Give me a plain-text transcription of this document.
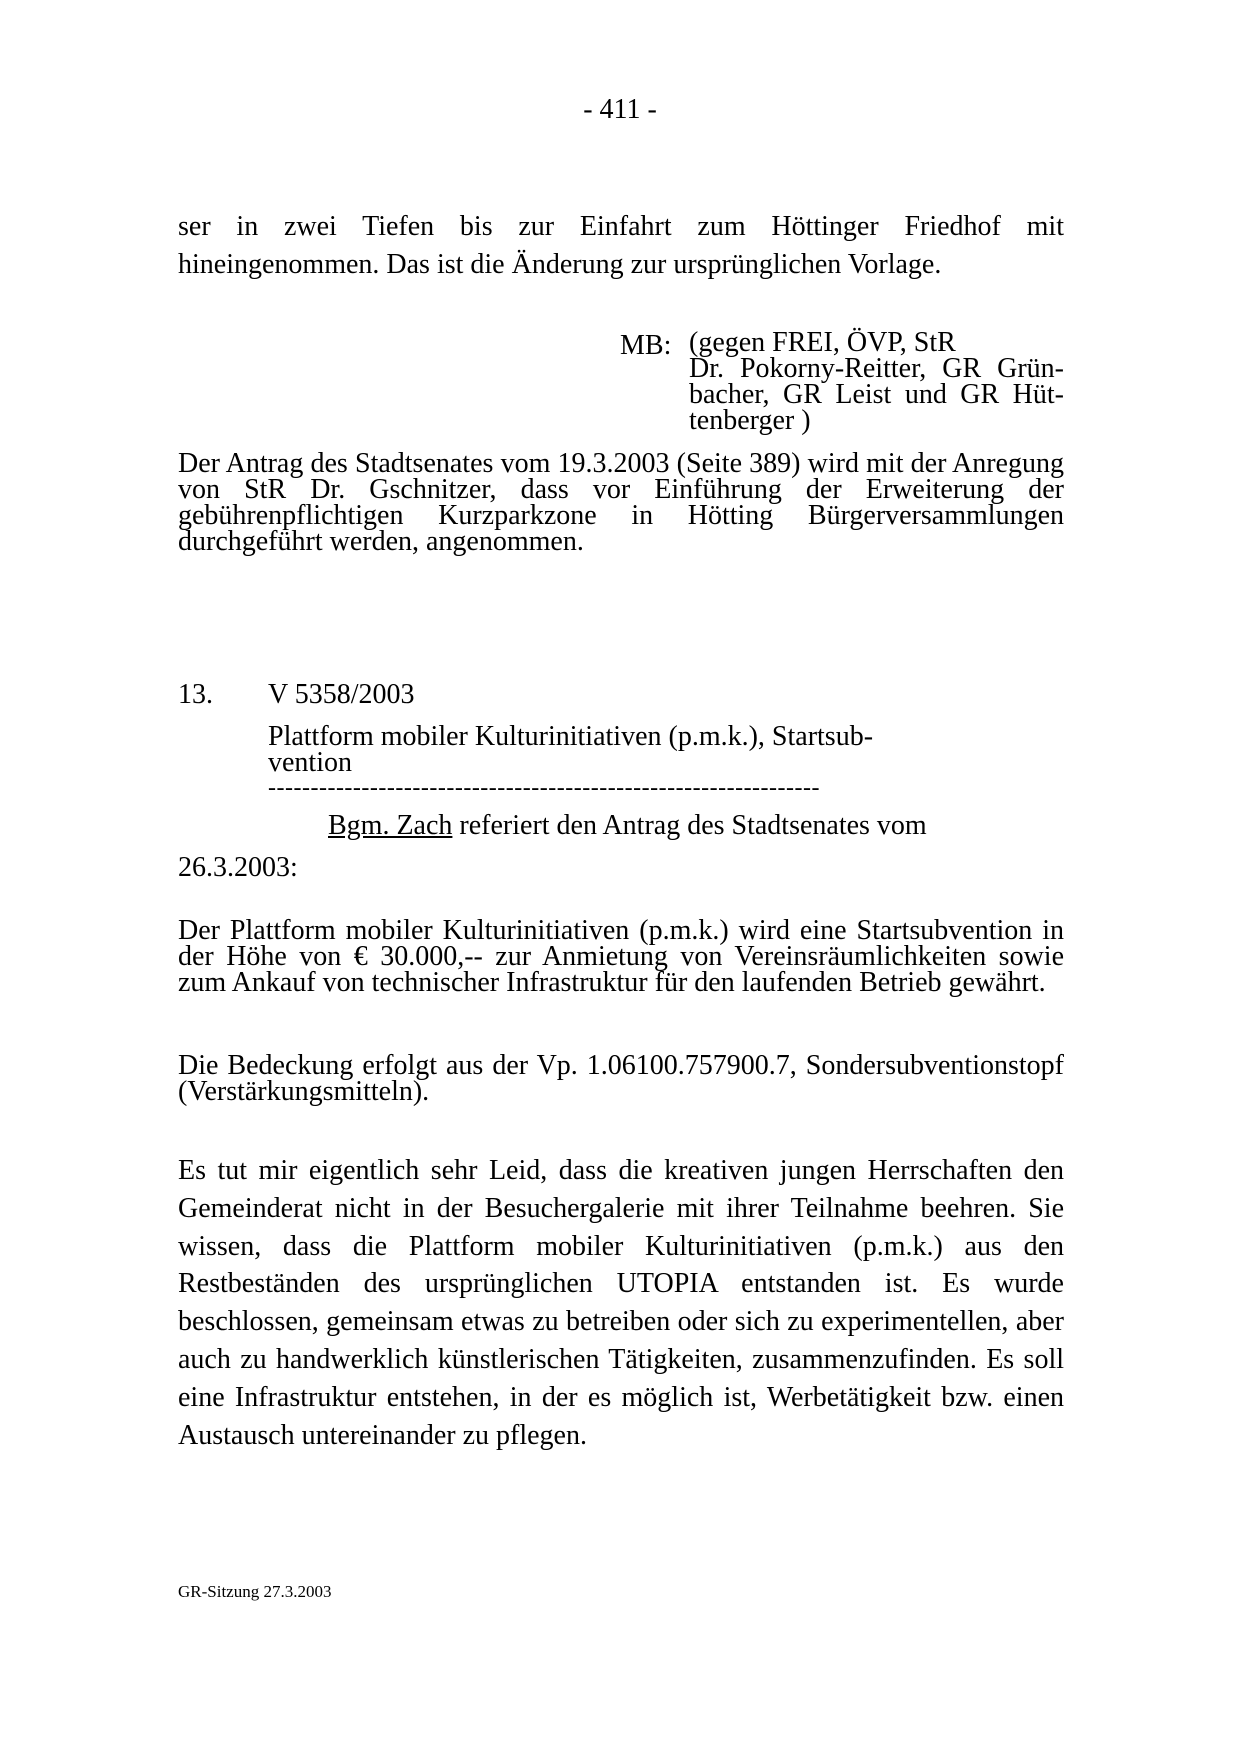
- 411 -
ser in zwei Tiefen bis zur Einfahrt zum Höttinger Friedhof mit hineingenommen. Das ist die Änderung zur ursprünglichen Vorlage.
MB: (gegen FREI, ÖVP, StR
Dr. Pokorny-Reitter, GR Grün-
bacher, GR Leist und GR Hüt-
tenberger )
Der Antrag des Stadtsenates vom 19.3.2003 (Seite 389) wird mit der Anregung von StR Dr. Gschnitzer, dass vor Einführung der Erweiterung der gebührenpflichtigen Kurzparkzone in Hötting Bürgerversammlungen durchgeführt werden, angenommen.
13. V 5358/2003
Plattform mobiler Kulturinitiativen (p.m.k.), Startsub-
vention
-----------------------------------------------------------------
Bgm. Zach referiert den Antrag des Stadtsenates vom
26.3.2003:
Der Plattform mobiler Kulturinitiativen (p.m.k.) wird eine Startsubvention in der Höhe von € 30.000,-- zur Anmietung von Vereinsräumlichkeiten sowie zum Ankauf von technischer Infrastruktur für den laufenden Betrieb gewährt.
Die Bedeckung erfolgt aus der Vp. 1.06100.757900.7, Sondersubventionstopf (Verstärkungsmitteln).
Es tut mir eigentlich sehr Leid, dass die kreativen jungen Herrschaften den Gemeinderat nicht in der Besuchergalerie mit ihrer Teilnahme beehren. Sie wissen, dass die Plattform mobiler Kulturinitiativen (p.m.k.) aus den Restbeständen des ursprünglichen UTOPIA entstanden ist. Es wurde beschlossen, gemeinsam etwas zu betreiben oder sich zu experimentellen, aber auch zu handwerklich künstlerischen Tätigkeiten, zusammenzufinden. Es soll eine Infrastruktur entstehen, in der es möglich ist, Werbetätigkeit bzw. einen Austausch untereinander zu pflegen.
GR-Sitzung 27.3.2003
